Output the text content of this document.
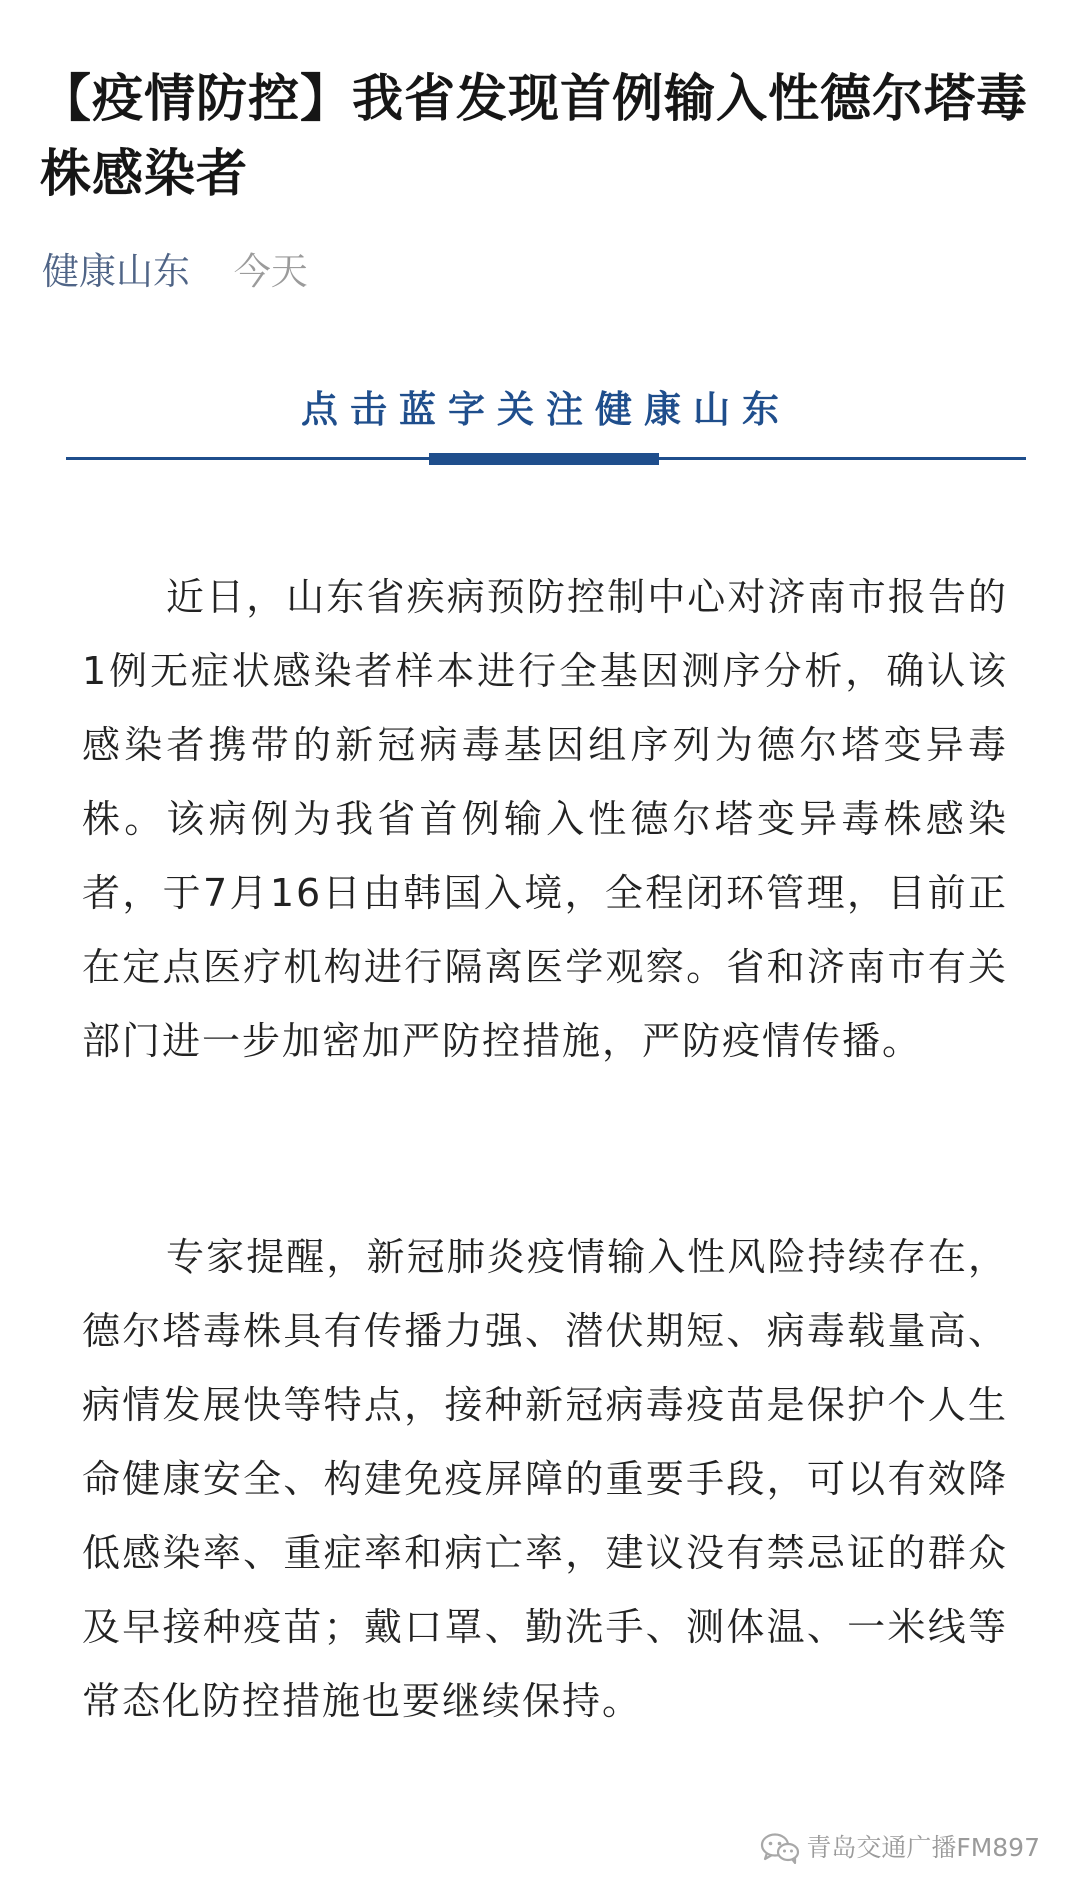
【疫情防控】我省发现首例输入性德尔塔毒株感染者
健康山东 今天
点击蓝字关注健康山东

近日，山东省疾病预防控制中心对济南市报告的1例无症状感染者样本进行全基因测序分析，确认该感染者携带的新冠病毒基因组序列为德尔塔变异毒株。该病例为我省首例输入性德尔塔变异毒株感染者，于7月16日由韩国入境，全程闭环管理，目前正在定点医疗机构进行隔离医学观察。省和济南市有关部门进一步加密加严防控措施，严防疫情传播。

专家提醒，新冠肺炎疫情输入性风险持续存在，德尔塔毒株具有传播力强、潜伏期短、病毒载量高、病情发展快等特点，接种新冠病毒疫苗是保护个人生命健康安全、构建免疫屏障的重要手段，可以有效降低感染率、重症率和病亡率，建议没有禁忌证的群众及早接种疫苗；戴口罩、勤洗手、测体温、一米线等常态化防控措施也要继续保持。

青岛交通广播FM897
